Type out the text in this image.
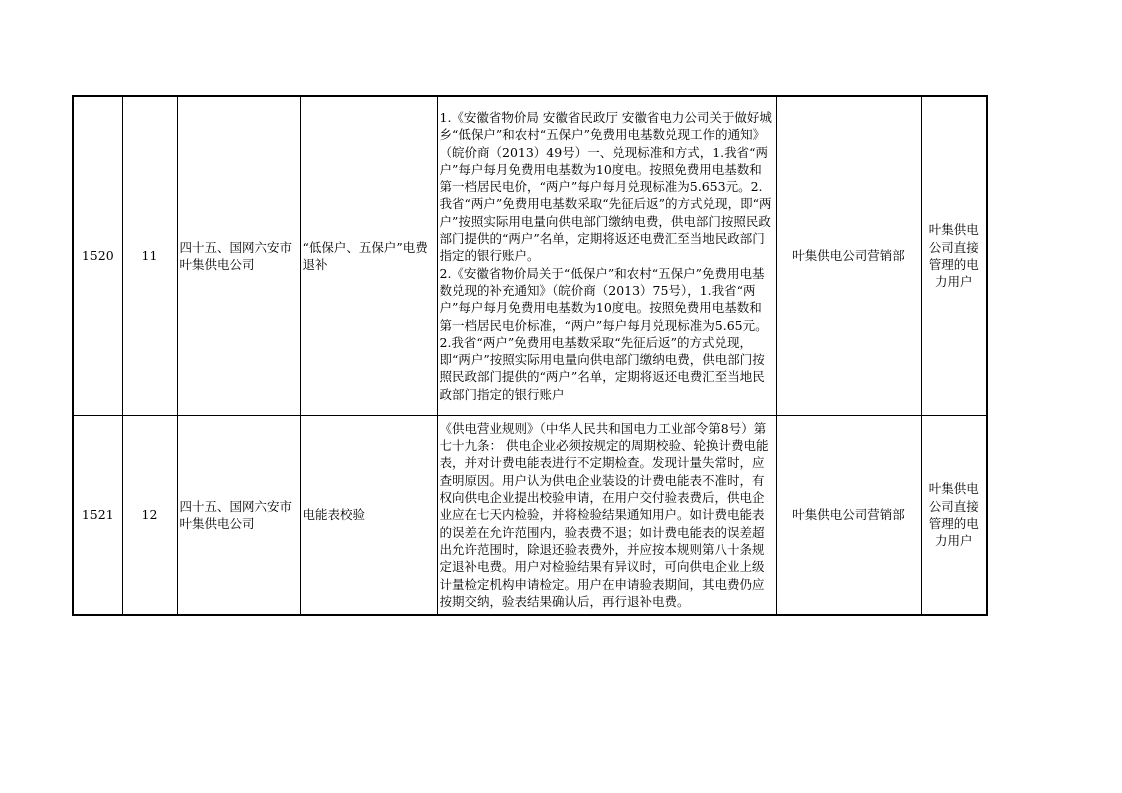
1520	11	四十五、国网六安市叶集供电公司	“低保户、五保户”电费退补	1.《安徽省物价局 安徽省民政厅 安徽省电力公司关于做好城乡“低保户”和农村“五保户”免费用电基数兑现工作的通知》（皖价商（2013）49号）一、兑现标准和方式，1.我省“两户”每户每月免费用电基数为10度电。按照免费用电基数和第一档居民电价，“两户”每户每月兑现标准为5.653元。2.我省“两户”免费用电基数采取“先征后返”的方式兑现，即“两户”按照实际用电量向供电部门缴纳电费，供电部门按照民政部门提供的“两户”名单，定期将返还电费汇至当地民政部门指定的银行账户。

2.《安徽省物价局关于“低保户”和农村“五保户”免费用电基数兑现的补充通知》（皖价商（2013）75号），1.我省“两户”每户每月免费用电基数为10度电。按照免费用电基数和第一档居民电价标准，“两户”每户每月兑现标准为5.65元。2.我省“两户”免费用电基数采取“先征后返”的方式兑现，即“两户”按照实际用电量向供电部门缴纳电费，供电部门按照民政部门提供的“两户”名单，定期将返还电费汇至当地民政部门指定的银行账户	叶集供电公司营销部	叶集供电公司直接管理的电力用户
1521	12	四十五、国网六安市叶集供电公司	电能表校验	《供电营业规则》（中华人民共和国电力工业部令第8号）第七十九条： 供电企业必须按规定的周期校验、轮换计费电能表，并对计费电能表进行不定期检查。发现计量失常时，应查明原因。用户认为供电企业装设的计费电能表不准时，有权向供电企业提出校验申请，在用户交付验表费后，供电企业应在七天内检验，并将检验结果通知用户。如计费电能表的误差在允许范围内，验表费不退；如计费电能表的误差超出允许范围时，除退还验表费外，并应按本规则第八十条规定退补电费。用户对检验结果有异议时，可向供电企业上级计量检定机构申请检定。用户在申请验表期间，其电费仍应按期交纳，验表结果确认后，再行退补电费。	叶集供电公司营销部	叶集供电公司直接管理的电力用户
